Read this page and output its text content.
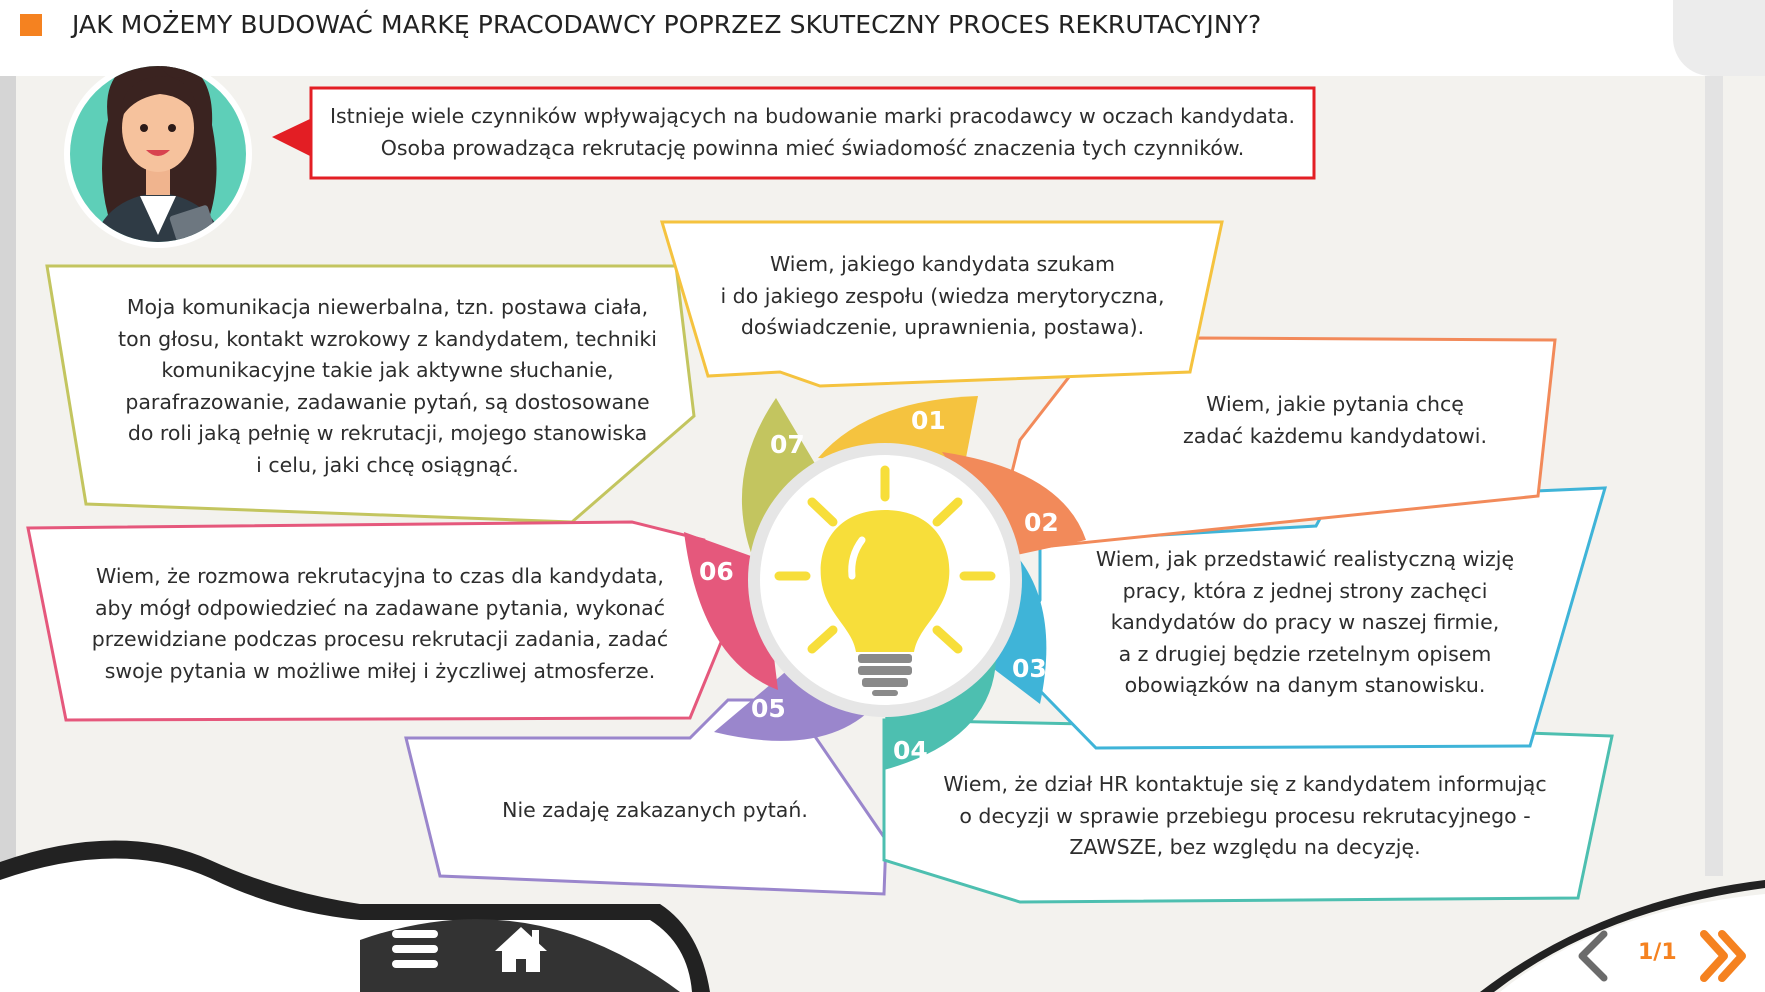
JAK MOŻEMY BUDOWAĆ MARKĘ PRACODAWCY POPRZEZ SKUTECZNY PROCES REKRUTACYJNY?
Istnieje wiele czynników wpływających na budowanie marki pracodawcy w oczach kandydata.
Osoba prowadząca rekrutację powinna mieć świadomość znaczenia tych czynników.
Wiem, jakiego kandydata szukam
i do jakiego zespołu (wiedza merytoryczna,
doświadczenie, uprawnienia, postawa).
Wiem, jakie pytania chcę
zadać każdemu kandydatowi.
Wiem, jak przedstawić realistyczną wizję
pracy, która z jednej strony zachęci
kandydatów do pracy w naszej firmie,
a z drugiej będzie rzetelnym opisem
obowiązków na danym stanowisku.
Wiem, że dział HR kontaktuje się z kandydatem informując
o decyzji w sprawie przebiegu procesu rekrutacyjnego -
ZAWSZE, bez względu na decyzję.
Nie zadaję zakazanych pytań.
Wiem, że rozmowa rekrutacyjna to czas dla kandydata,
aby mógł odpowiedzieć na zadawane pytania, wykonać
przewidziane podczas procesu rekrutacji zadania, zadać
swoje pytania w możliwe miłej i życzliwej atmosferze.
Moja komunikacja niewerbalna, tzn. postawa ciała,
ton głosu, kontakt wzrokowy z kandydatem, techniki
komunikacyjne takie jak aktywne słuchanie,
parafrazowanie, zadawanie pytań, są dostosowane
do roli jaką pełnię w rekrutacji, mojego stanowiska
i celu, jaki chcę osiągnąć.
01
02
03
04
05
06
07
1/1
